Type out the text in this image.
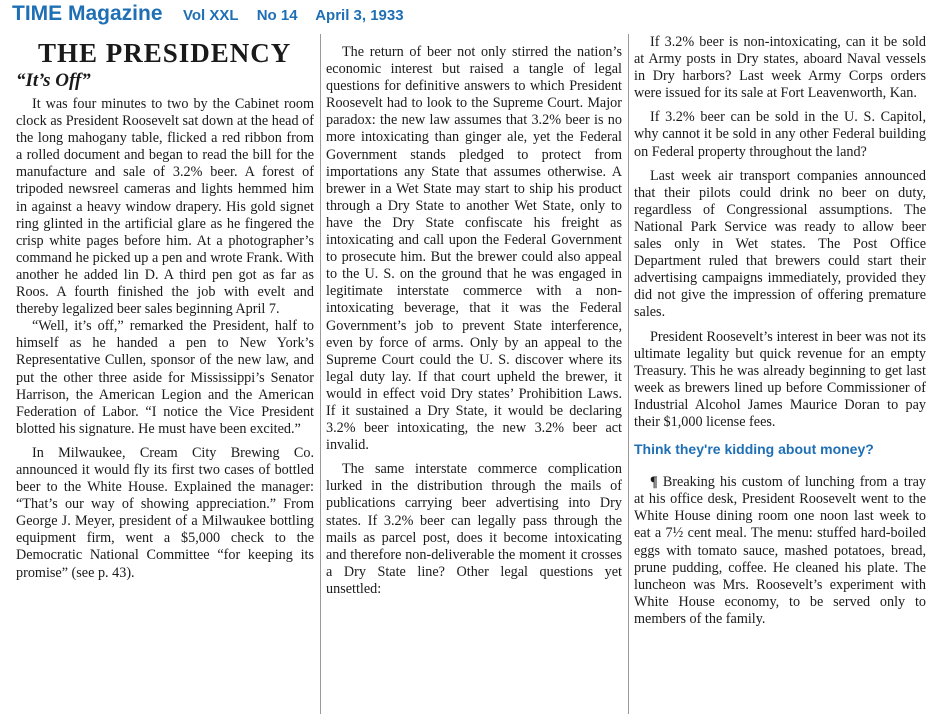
TIME Magazine Vol XXL No 14 April 3, 1933
THE PRESIDENCY
“It’s Off”

It was four minutes to two by the Cabinet room clock as President Roosevelt sat down at the head of the long mahogany table, flicked a red ribbon from a rolled document and began to read the bill for the manufacture and sale of 3.2% beer. A forest of tripoded newsreel cameras and lights hemmed him in against a heavy window drapery. His gold signet ring glinted in the artificial glare as he fingered the crisp white pages before him. At a photographer’s command he picked up a pen and wrote Frank. With another he added lin D. A third pen got as far as Roos. A fourth finished the job with evelt and thereby legalized beer sales beginning April 7.

“Well, it’s off,” remarked the President, half to himself as he handed a pen to New York’s Representative Cullen, sponsor of the new law, and put the other three aside for Mississippi’s Senator Harrison, the American Legion and the American Federation of Labor. “I notice the Vice President blotted his signature. He must have been excited.”

In Milwaukee, Cream City Brewing Co. announced it would fly its first two cases of bottled beer to the White House. Explained the manager: “That’s our way of showing appreciation.” From George J. Meyer, president of a Milwaukee bottling equipment firm, went a $5,000 check to the Democratic National Committee “for keeping its promise” (see p. 43).

The return of beer not only stirred the nation’s economic interest but raised a tangle of legal questions for definitive answers to which President Roosevelt had to look to the Supreme Court. Major paradox: the new law assumes that 3.2% beer is no more intoxicating than ginger ale, yet the Federal Government stands pledged to protect from importations any State that assumes otherwise. A brewer in a Wet State may start to ship his product through a Dry State to another Wet State, only to have the Dry State confiscate his freight as intoxicating and call upon the Federal Government to prosecute him. But the brewer could also appeal to the U. S. on the ground that he was engaged in legitimate interstate commerce with a non-intoxicating beverage, that it was the Federal Government’s job to prevent State interference, even by force of arms. Only by an appeal to the Supreme Court could the U. S. discover where its legal duty lay. If that court upheld the brewer, it would in effect void Dry states’ Prohibition Laws. If it sustained a Dry State, it would be declaring 3.2% beer intoxicating, the new 3.2% beer act invalid.

The same interstate commerce complication lurked in the distribution through the mails of publications carrying beer advertising into Dry states. If 3.2% beer can legally pass through the mails as parcel post, does it become intoxicating and therefore non-deliverable the moment it crosses a Dry State line? Other legal questions yet unsettled:

If 3.2% beer is non-intoxicating, can it be sold at Army posts in Dry states, aboard Naval vessels in Dry harbors? Last week Army Corps orders were issued for its sale at Fort Leavenworth, Kan.

If 3.2% beer can be sold in the U. S. Capitol, why cannot it be sold in any other Federal building on Federal property throughout the land?

Last week air transport companies announced that their pilots could drink no beer on duty, regardless of Congressional assumptions. The National Park Service was ready to allow beer sales only in Wet states. The Post Office Department ruled that brewers could start their advertising campaigns immediately, provided they did not give the impression of offering premature sales.

President Roosevelt’s interest in beer was not its ultimate legality but quick revenue for an empty Treasury. This he was already beginning to get last week as brewers lined up before Commissioner of Industrial Alcohol James Maurice Doran to pay their $1,000 license fees.

Think they're kidding about money?

¶ Breaking his custom of lunching from a tray at his office desk, President Roosevelt went to the White House dining room one noon last week to eat a 7½ cent meal. The menu: stuffed hard-boiled eggs with tomato sauce, mashed potatoes, bread, prune pudding, coffee. He cleaned his plate. The luncheon was Mrs. Roosevelt’s experiment with White House economy, to be served only to members of the family.
